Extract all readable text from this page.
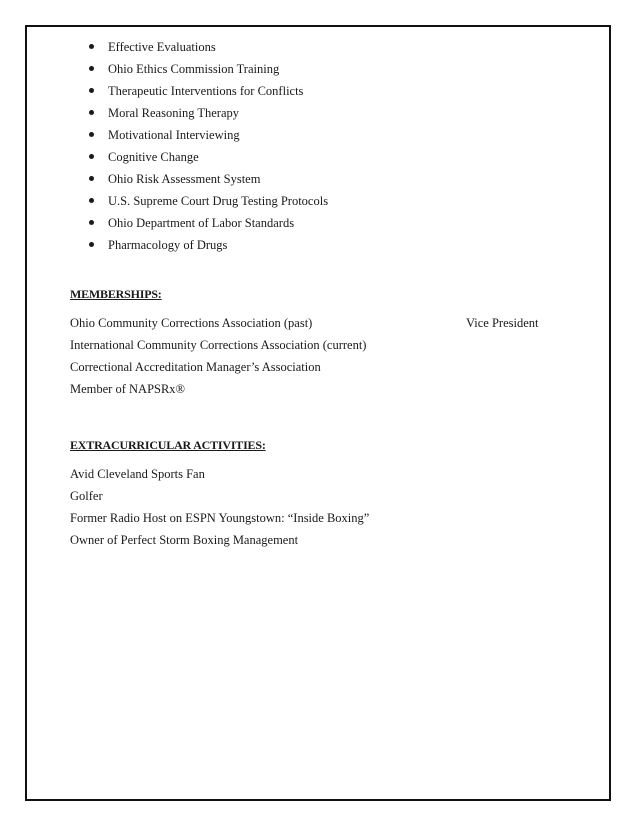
Effective Evaluations
Ohio Ethics Commission Training
Therapeutic Interventions for Conflicts
Moral Reasoning Therapy
Motivational Interviewing
Cognitive Change
Ohio Risk Assessment System
U.S. Supreme Court Drug Testing Protocols
Ohio Department of Labor Standards
Pharmacology of Drugs
MEMBERSHIPS:
Ohio Community Corrections Association (past)	Vice President
International Community Corrections Association (current)
Correctional Accreditation Manager’s Association
Member of NAPSRx®
EXTRACURRICULAR ACTIVITIES:
Avid Cleveland Sports Fan
Golfer
Former Radio Host on ESPN Youngstown: “Inside Boxing”
Owner of Perfect Storm Boxing Management
